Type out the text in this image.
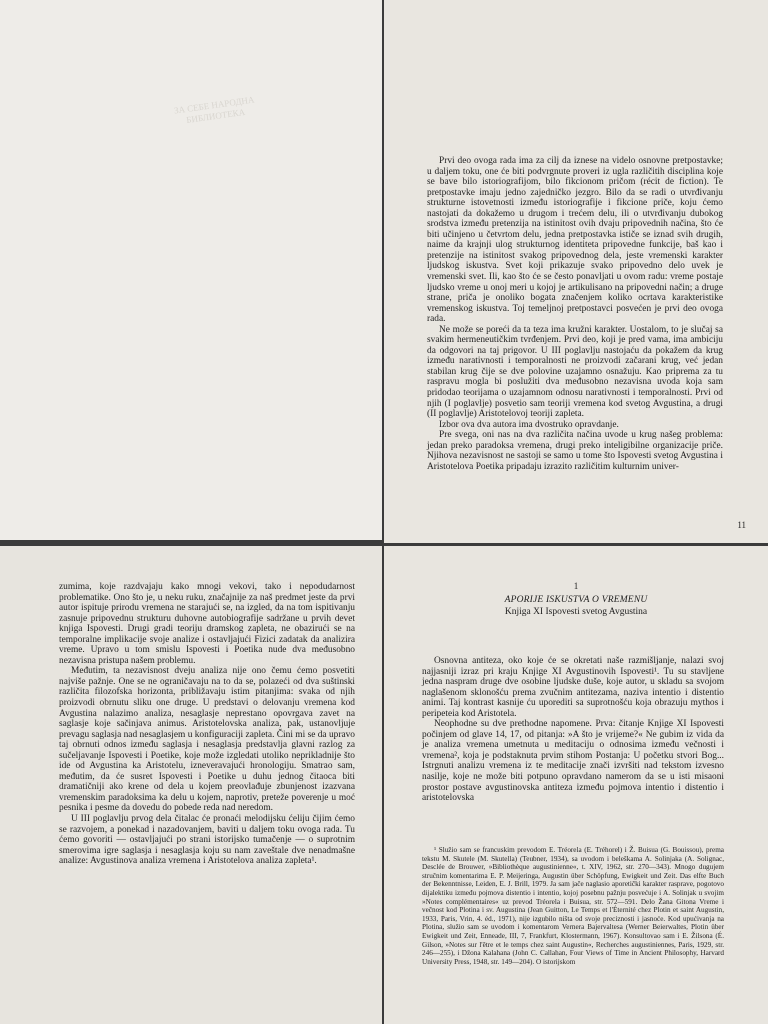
ЗА СЕБЕ НАРОДНА БИБЛИОТЕКА

Prvi deo ovoga rada ima za cilj da iznese na videlo osnovne pretpostavke; u daljem toku, one će biti podvrgnute proveri iz ugla različitih disciplina koje se bave bilo istoriografijom, bilo fikcionom pričom (récit de fiction). Te pretpostavke imaju jedno zajedničko jezgro. Bilo da se radi o utvrđivanju strukturne istovetnosti između istoriografije i fikcione priče, koju ćemo nastojati da dokažemo u drugom i trećem delu, ili o utvrđivanju dubokog srodstva između pretenzija na istinitost ovih dvaju pripovednih načina, što će biti učinjeno u četvrtom delu, jedna pretpostavka ističe se iznad svih drugih, naime da krajnji ulog strukturnog identiteta pripovedne funkcije, baš kao i pretenzije na istinitost svakog pripovednog dela, jeste vremenski karakter ljudskog iskustva. Svet koji prikazuje svako pripovedno delo uvek je vremenski svet. Ili, kao što će se često ponavljati u ovom radu: vreme postaje ljudsko vreme u onoj meri u kojoj je artikulisano na pripovedni način; a druge strane, priča je onoliko bogata značenjem koliko ocrtava karakteristike vremenskog iskustva. Toj temeljnoj pretpostavci posvećen je prvi deo ovoga rada.

Ne može se poreći da ta teza ima kružni karakter. Uostalom, to je slučaj sa svakim hermeneutičkim tvrđenjem. Prvi deo, koji je pred vama, ima ambiciju da odgovori na taj prigovor. U III poglavlju nastojaću da pokažem da krug između narativnosti i temporalnosti ne proizvodi začarani krug, već jedan stabilan krug čije se dve polovine uzajamno osnažuju. Kao priprema za tu raspravu mogla bi poslužiti dva međusobno nezavisna uvoda koja sam pridodao teorijama o uzajamnom odnosu narativnosti i temporalnosti. Prvi od njih (I poglavlje) posvetio sam teoriji vremena kod svetog Avgustina, a drugi (II poglavlje) Aristotelovoj teoriji zapleta.

Izbor ova dva autora ima dvostruko opravdanje.

Pre svega, oni nas na dva različita načina uvode u krug našeg problema: jedan preko paradoksa vremena, drugi preko inteligibilne organizacije priče. Njihova nezavisnost ne sastoji se samo u tome što Ispovesti svetog Avgustina i Aristotelova Poetika pripadaju izrazito različitim kulturnim univer-

11

zumima, koje razdvajaju kako mnogi vekovi, tako i nepodudarnost problematike. Ono što je, u neku ruku, značajnije za naš predmet jeste da prvi autor ispituje prirodu vremena ne starajući se, na izgled, da na tom ispitivanju zasnuje pripovednu strukturu duhovne autobiografije sadržane u prvih devet knjiga Ispovesti. Drugi gradi teoriju dramskog zapleta, ne obazirući se na temporalne implikacije svoje analize i ostavljajući Fizici zadatak da analizira vreme. Upravo u tom smislu Ispovesti i Poetika nude dva međusobno nezavisna pristupa našem problemu.

Međutim, ta nezavisnost dveju analiza nije ono čemu ćemo posvetiti najviše pažnje. One se ne ograničavaju na to da se, polazeći od dva suštinski različita filozofska horizonta, približavaju istim pitanjima: svaka od njih proizvodi obrnutu sliku one druge. U predstavi o delovanju vremena kod Avgustina nalazimo analiza, nesaglasje neprestano opovrgava zavet na saglasje koje sačinjava animus. Aristotelovska analiza, pak, ustanovljuje prevagu saglasja nad nesaglasjem u konfiguraciji zapleta. Čini mi se da upravo taj obrnuti odnos između saglasja i nesaglasja predstavlja glavni razlog za sučeljavanje Ispovesti i Poetike, koje može izgledati utoliko neprikladnije što ide od Avgustina ka Aristotelu, izneveravajući hronologiju. Smatrao sam, međutim, da će susret Ispovesti i Poetike u duhu jednog čitaoca biti dramatičniji ako krene od dela u kojem preovlađuje zbunjenost izazvana vremenskim paradoksima ka delu u kojem, naprotiv, preteže poverenje u moć pesnika i pesme da dovedu do pobede reda nad neredom.

U III poglavlju prvog dela čitalac će pronaći melodijsku ćeliju čijim ćemo se razvojem, a ponekad i nazadovanjem, baviti u daljem toku ovoga rada. Tu ćemo govoriti — ostavljajući po strani istorijsko tumačenje — o suprotnim smerovima igre saglasja i nesaglasja koju su nam zaveštale dve nenadmašne analize: Avgustinova analiza vremena i Aristotelova analiza zapleta¹.

1
APORIJE ISKUSTVA O VREMENU
Knjiga XI Ispovesti svetog Avgustina

Osnovna antiteza, oko koje će se okretati naše razmišljanje, nalazi svoj najjasniji izraz pri kraju Knjige XI Avgustinovih Ispovesti¹. Tu su stavljene jedna naspram druge dve osobine ljudske duše, koje autor, u skladu sa svojom naglašenom sklonošću prema zvučnim antitezama, naziva intentio i distentio animi. Taj kontrast kasnije ću uporediti sa suprotnošću koja obrazuju mythos i peripeteia kod Aristotela.

Neophodne su dve prethodne napomene. Prva: čitanje Knjige XI Ispovesti počinjem od glave 14, 17, od pitanja: »A što je vrijeme?« Ne gubim iz vida da je analiza vremena umetnuta u meditaciju o odnosima između večnosti i vremena², koja je podstaknuta prvim stihom Postanja: U početku stvori Bog... Istrgnuti analizu vremena iz te meditacije znači izvršiti nad tekstom izvesno nasilje, koje ne može biti potpuno opravdano namerom da se u isti misaoni prostor postave avgustinovska antiteza između pojmova intentio i distentio i aristotelovska

¹ Služio sam se francuskim prevodom E. Tréorela (E. Tréhorel) i Ž. Buisua (G. Bouissou), prema tekstu M. Skutele (M. Skutella) (Teubner, 1934), sa uvodom i beleškama A. Solinjaka (A. Solignac, Desclée de Brouwer, »Bibliothèque augustinienne«, t. XIV, 1962, str. 270—343). Mnogo dugujem stručnim komentarima E. P. Meijeringa, Augustin über Schöpfung, Ewigkeit und Zeit. Das elfte Buch der Bekenntnisse, Leiden, E. J. Brill, 1979. Ja sam jače naglasio aporetički karakter rasprave, pogotovo dijalektiku između pojmova distentio i intentio, kojoj posebnu pažnju posvećuje i A. Solinjak u svojim »Notes complémentaires« uz prevod Tréorela i Buisua, str. 572—591. Delo Žana Gitona Vreme i večnost kod Plotina i sv. Augustina (Jean Guitton, Le Temps et l'Éternité chez Plotin et saint Augustin, 1933, Paris, Vrin, 4. éd., 1971), nije izgubilo ništa od svoje preciznosti i jasnoće. Kod upućivanja na Plotina, služio sam se uvodom i komentarom Vernera Bajervaltesa (Werner Beierwaltes, Plotin über Ewigkeit und Zeit, Enneade, III, 7, Frankfurt, Klostermann, 1967). Konsultovao sam i E. Žilsona (É. Gilson, »Notes sur l'être et le temps chez saint Augustin«, Recherches augustiniennes, Paris, 1929, str. 246—255), i Džona Kalahana (John C. Callahan, Four Views of Time in Ancient Philosophy, Harvard University Press, 1948, str. 149—204). O istorijskom
